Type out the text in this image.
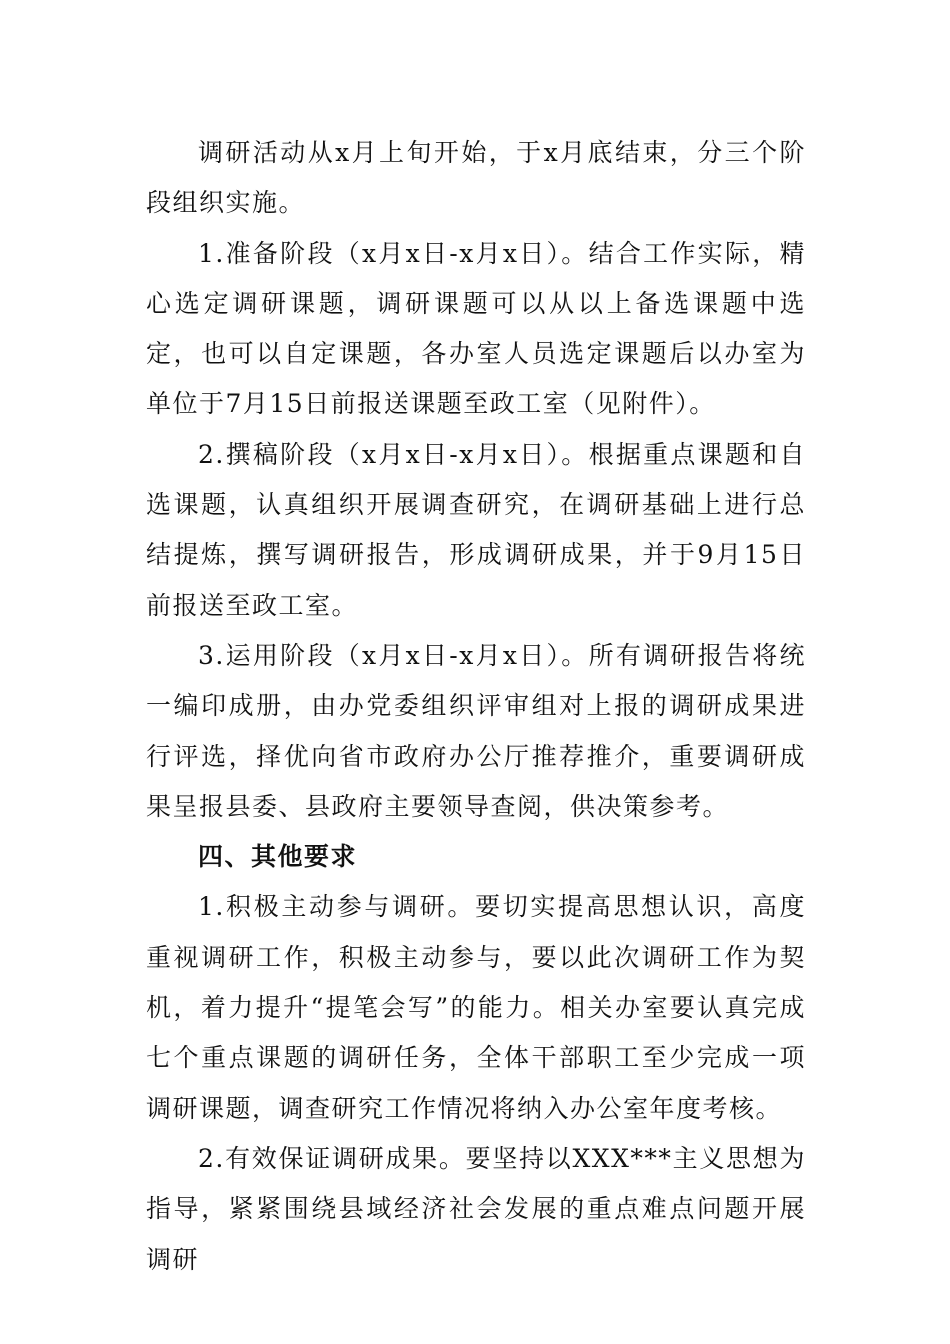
调研活动从x月上旬开始，于x月底结束，分三个阶段组织实施。

1.准备阶段（x月x日-x月x日）。结合工作实际，精心选定调研课题，调研课题可以从以上备选课题中选定，也可以自定课题，各办室人员选定课题后以办室为单位于7月15日前报送课题至政工室（见附件）。

2.撰稿阶段（x月x日-x月x日）。根据重点课题和自选课题，认真组织开展调查研究，在调研基础上进行总结提炼，撰写调研报告，形成调研成果，并于9月15日前报送至政工室。

3.运用阶段（x月x日-x月x日）。所有调研报告将统一编印成册，由办党委组织评审组对上报的调研成果进行评选，择优向省市政府办公厅推荐推介，重要调研成果呈报县委、县政府主要领导查阅，供决策参考。

四、其他要求

1.积极主动参与调研。要切实提高思想认识，高度重视调研工作，积极主动参与，要以此次调研工作为契机，着力提升“提笔会写”的能力。相关办室要认真完成七个重点课题的调研任务，全体干部职工至少完成一项调研课题，调查研究工作情况将纳入办公室年度考核。

2.有效保证调研成果。要坚持以XXX***主义思想为指导，紧紧围绕县域经济社会发展的重点难点问题开展调研
